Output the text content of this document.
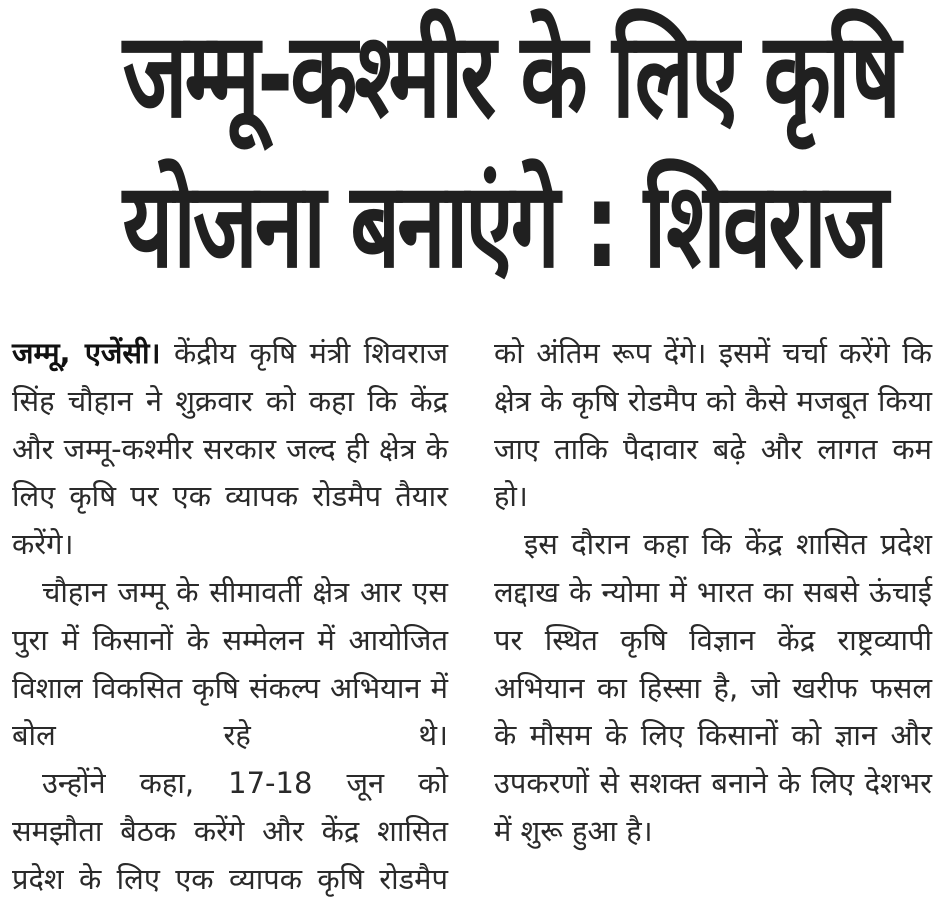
जम्मू-कश्मीर के लिए कृषि
योजना बनाएंगे : शिवराज

जम्मू, एजेंसी। केंद्रीय कृषि मंत्री शिवराज सिंह चौहान ने शुक्रवार को कहा कि केंद्र और जम्मू-कश्मीर सरकार जल्द ही क्षेत्र के लिए कृषि पर एक व्यापक रोडमैप तैयार करेंगे।

चौहान जम्मू के सीमावर्ती क्षेत्र आर एस पुरा में किसानों के सम्मेलन में आयोजित विशाल विकसित कृषि संकल्प अभियान में बोल रहे थे।

उन्होंने कहा, 17-18 जून को समझौता बैठक करेंगे और केंद्र शासित प्रदेश के लिए एक व्यापक कृषि रोडमैप

को अंतिम रूप देंगे। इसमें चर्चा करेंगे कि क्षेत्र के कृषि रोडमैप को कैसे मजबूत किया जाए ताकि पैदावार बढ़े और लागत कम हो।

इस दौरान कहा कि केंद्र शासित प्रदेश लद्दाख के न्योमा में भारत का सबसे ऊंचाई पर स्थित कृषि विज्ञान केंद्र राष्ट्रव्यापी अभियान का हिस्सा है, जो खरीफ फसल के मौसम के लिए किसानों को ज्ञान और उपकरणों से सशक्त बनाने के लिए देशभर में शुरू हुआ है।
